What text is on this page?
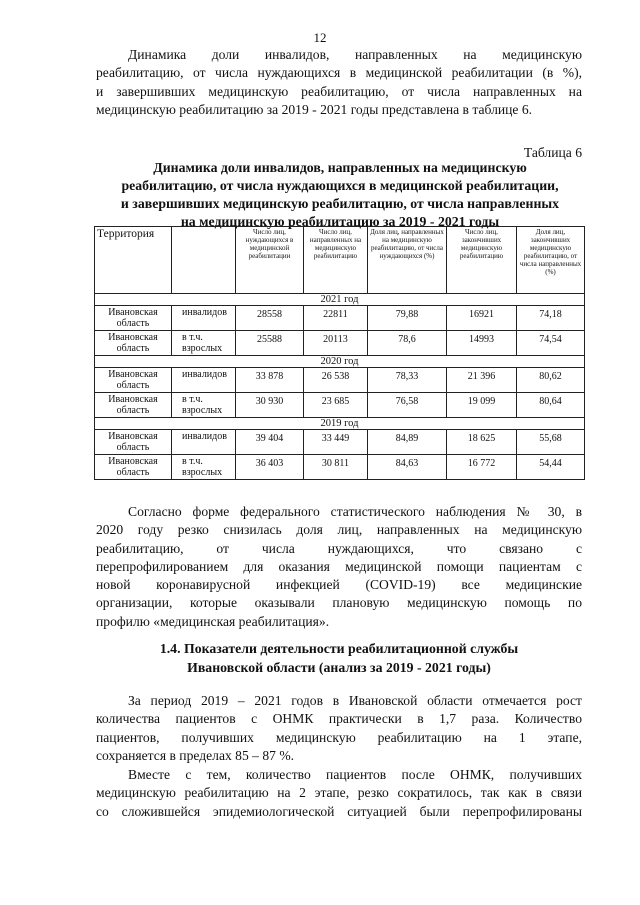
12
Динамика доли инвалидов, направленных на медицинскую
реабилитацию, от числа нуждающихся в медицинской реабилитации (в %),
и завершивших медицинскую реабилитацию, от числа направленных на
медицинскую реабилитацию за 2019 - 2021 годы представлена в таблице 6.
Таблица 6
Динамика доли инвалидов, направленных на медицинскую
реабилитацию, от числа нуждающихся в медицинской реабилитации,
и завершивших медицинскую реабилитацию, от числа направленных
на медицинскую реабилитацию за 2019 - 2021 годы
Территория		Число лиц, нуждающихся в медицинской реабилитации	Число лиц, направленных на медицинскую реабилитацию	Доля лиц, направленных на медицинскую реабилитацию, от числа нуждающихся (%)	Число лиц, закончивших медицинскую реабилитацию	Доля лиц, закончивших медицинскую реабилитацию, от числа направленных (%)
2021 год						
Ивановская область	инвалидов	28558	22811	79,88	16921	74,18
Ивановская область	в т.ч. взрослых	25588	20113	78,6	14993	74,54
2020 год						
Ивановская область	инвалидов	33 878	26 538	78,33	21 396	80,62
Ивановская область	в т.ч. взрослых	30 930	23 685	76,58	19 099	80,64
2019 год						
Ивановская область	инвалидов	39 404	33 449	84,89	18 625	55,68
Ивановская область	в т.ч. взрослых	36 403	30 811	84,63	16 772	54,44
Согласно форме федерального статистического наблюдения № 30, в
2020 году резко снизилась доля лиц, направленных на медицинскую
реабилитацию, от числа нуждающихся, что связано с
перепрофилированием для оказания медицинской помощи пациентам с
новой коронавирусной инфекцией (COVID-19) все медицинские
организации, которые оказывали плановую медицинскую помощь по
профилю «медицинская реабилитация».
1.4. Показатели деятельности реабилитационной службы
Ивановской области (анализ за 2019 - 2021 годы)
За период 2019 – 2021 годов в Ивановской области отмечается рост
количества пациентов с ОНМК практически в 1,7 раза. Количество
пациентов, получивших медицинскую реабилитацию на 1 этапе,
сохраняется в пределах 85 – 87 %.
Вместе с тем, количество пациентов после ОНМК, получивших
медицинскую реабилитацию на 2 этапе, резко сократилось, так как в связи
со сложившейся эпидемиологической ситуацией были перепрофилированы
